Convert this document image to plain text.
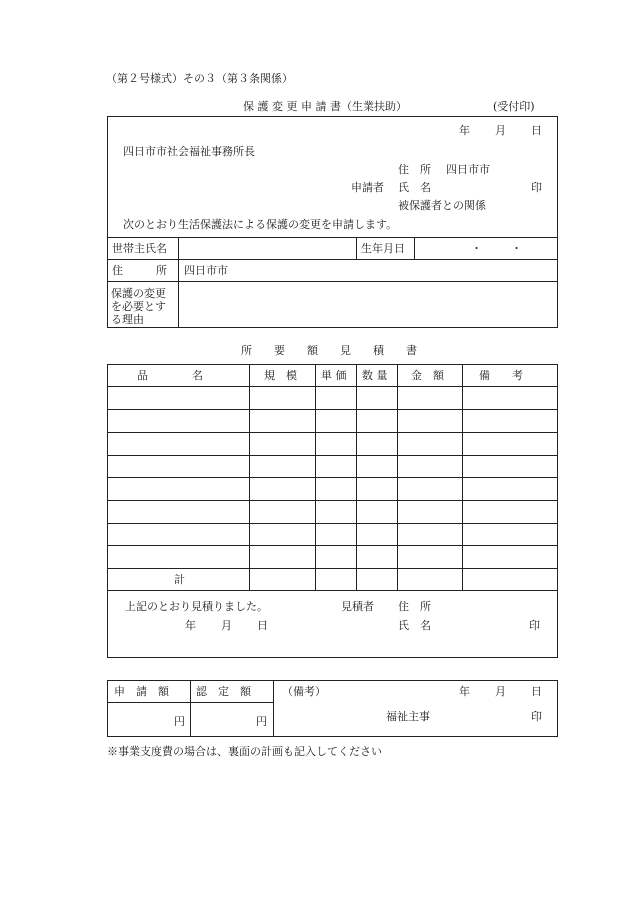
（第２号様式）その３（第３条関係）
保 護 変 更 申 請 書（生業扶助）	(受付印)
年 月 日
四日市市社会福祉事務所長
住　所 四日市市
申請者 氏　名	印
被保護者との関係
次のとおり生活保護法による保護の変更を申請します。
世帯主氏名	生年月日	・	・
住　　　所 四日市市
保護の変更
を必要とす
る理由
所　　要　　額　　見　　積　　書
品　　　　名	規　模 単 価 数 量 金　額	備　　考
計
上記のとおり見積りました。	見積者 住　所
年 月 日	氏　名	印
申　請　額 認　定　額	（備考）	年 月 日
円	円	福祉主事	印
※事業支度費の場合は、裏面の計画も記入してください
